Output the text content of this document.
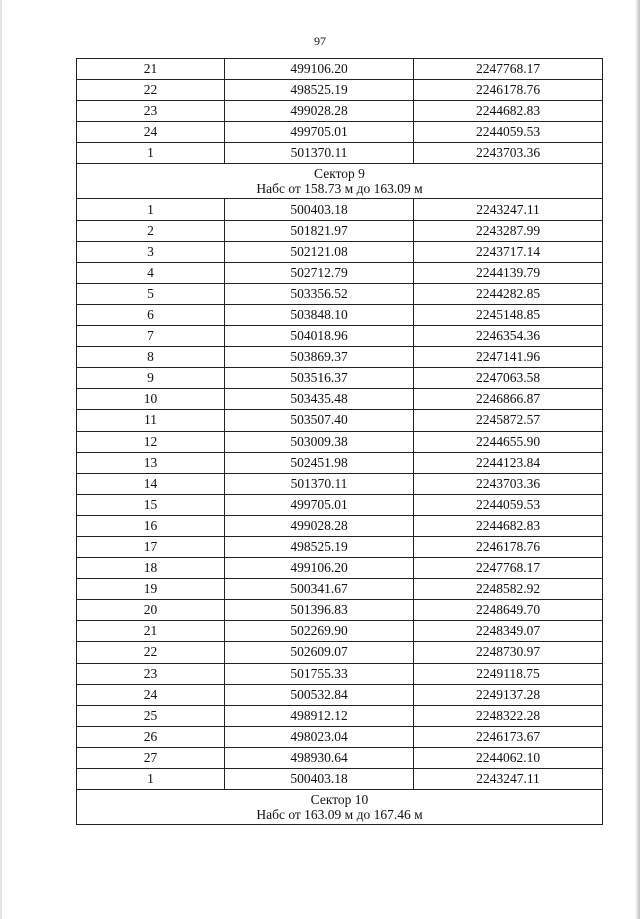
97
21	499106.20	2247768.17
22	498525.19	2246178.76
23	499028.28	2244682.83
24	499705.01	2244059.53
1	501370.11	2243703.36

Сектор 9
Набс от 158.73 м до 163.09 м		

1	500403.18	2243247.11
2	501821.97	2243287.99
3	502121.08	2243717.14
4	502712.79	2244139.79
5	503356.52	2244282.85
6	503848.10	2245148.85
7	504018.96	2246354.36
8	503869.37	2247141.96
9	503516.37	2247063.58
10	503435.48	2246866.87
11	503507.40	2245872.57
12	503009.38	2244655.90
13	502451.98	2244123.84
14	501370.11	2243703.36
15	499705.01	2244059.53
16	499028.28	2244682.83
17	498525.19	2246178.76
18	499106.20	2247768.17
19	500341.67	2248582.92
20	501396.83	2248649.70
21	502269.90	2248349.07
22	502609.07	2248730.97
23	501755.33	2249118.75
24	500532.84	2249137.28
25	498912.12	2248322.28
26	498023.04	2246173.67
27	498930.64	2244062.10
1	500403.18	2243247.11

Сектор 10
Набс от 163.09 м до 167.46 м		
